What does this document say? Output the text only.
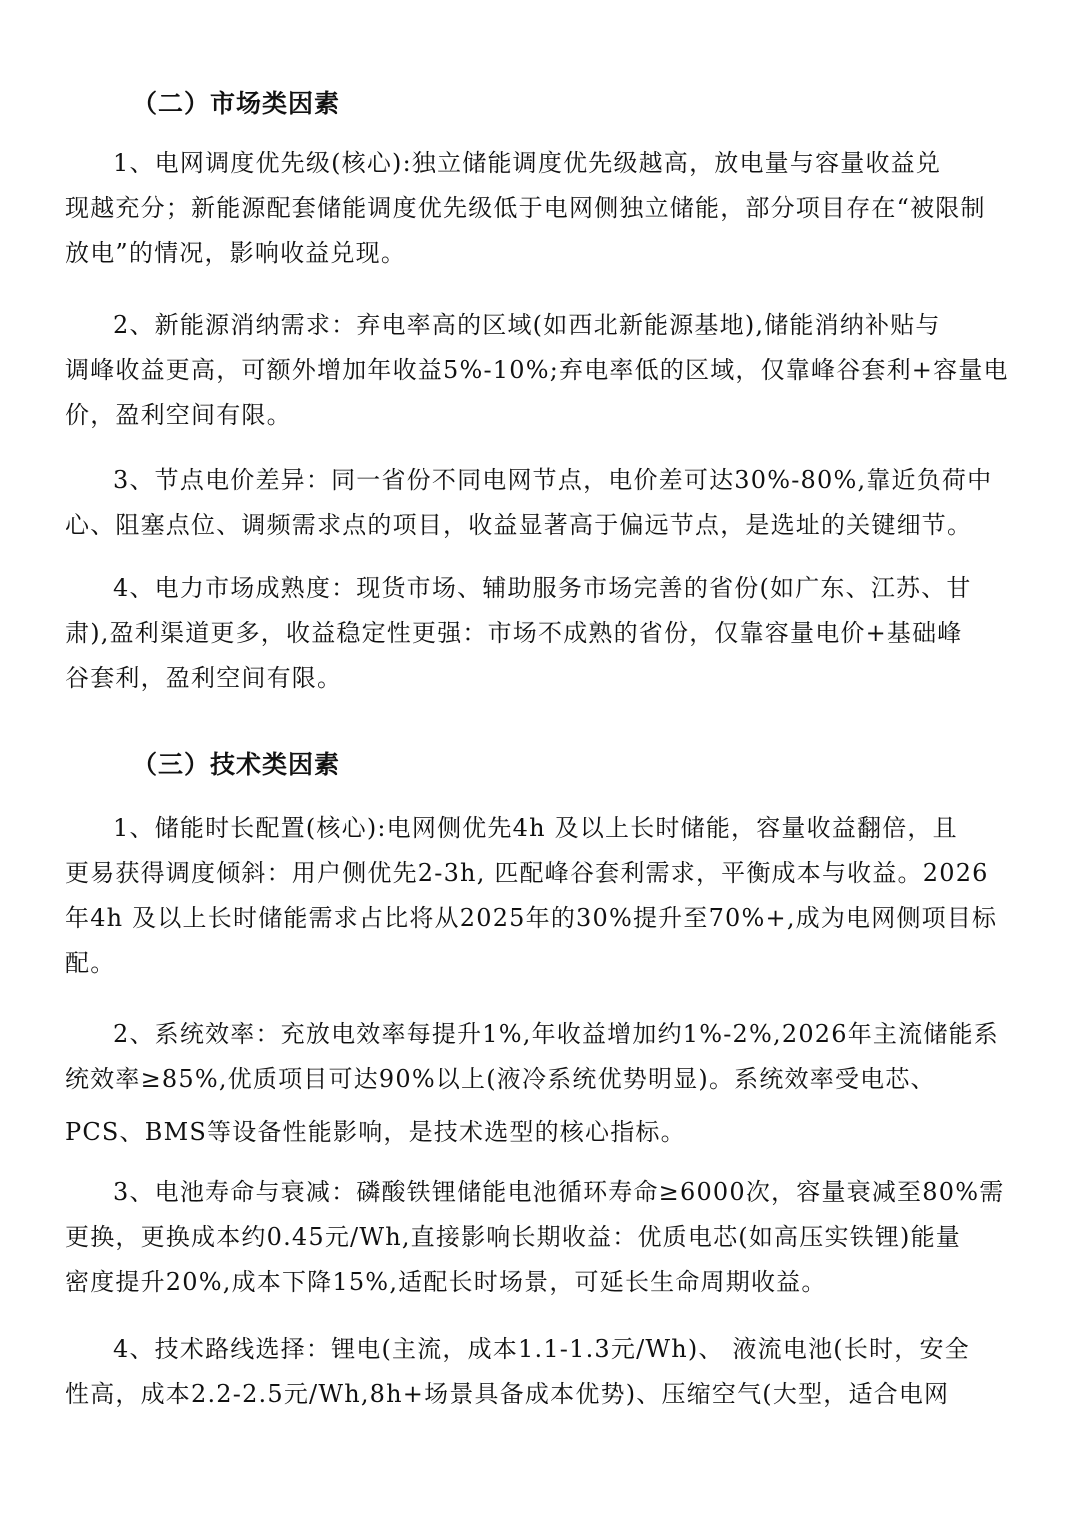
（二）市场类因素
1、电网调度优先级(核心):独立储能调度优先级越高，放电量与容量收益兑
现越充分；新能源配套储能调度优先级低于电网侧独立储能，部分项目存在“被限制
放电”的情况，影响收益兑现。
2、新能源消纳需求：弃电率高的区域(如西北新能源基地),储能消纳补贴与
调峰收益更高，可额外增加年收益5%-10%;弃电率低的区域，仅靠峰谷套利+容量电
价，盈利空间有限。
3、节点电价差异：同一省份不同电网节点，电价差可达30%-80%,靠近负荷中
心、阻塞点位、调频需求点的项目，收益显著高于偏远节点，是选址的关键细节。
4、电力市场成熟度：现货市场、辅助服务市场完善的省份(如广东、江苏、甘
肃),盈利渠道更多，收益稳定性更强：市场不成熟的省份，仅靠容量电价+基础峰
谷套利，盈利空间有限。
（三）技术类因素
1、储能时长配置(核心):电网侧优先4h 及以上长时储能，容量收益翻倍，且
更易获得调度倾斜：用户侧优先2-3h, 匹配峰谷套利需求，平衡成本与收益。2026
年4h 及以上长时储能需求占比将从2025年的30%提升至70%+,成为电网侧项目标
配。
2、系统效率：充放电效率每提升1%,年收益增加约1%-2%,2026年主流储能系
统效率≥85%,优质项目可达90%以上(液冷系统优势明显)。系统效率受电芯、
PCS、BMS等设备性能影响，是技术选型的核心指标。
3、电池寿命与衰减：磷酸铁锂储能电池循环寿命≥6000次，容量衰减至80%需
更换，更换成本约0.45元/Wh,直接影响长期收益：优质电芯(如高压实铁锂)能量
密度提升20%,成本下降15%,适配长时场景，可延长生命周期收益。
4、技术路线选择：锂电(主流，成本1.1-1.3元/Wh)、 液流电池(长时，安全
性高，成本2.2-2.5元/Wh,8h+场景具备成本优势)、压缩空气(大型，适合电网
